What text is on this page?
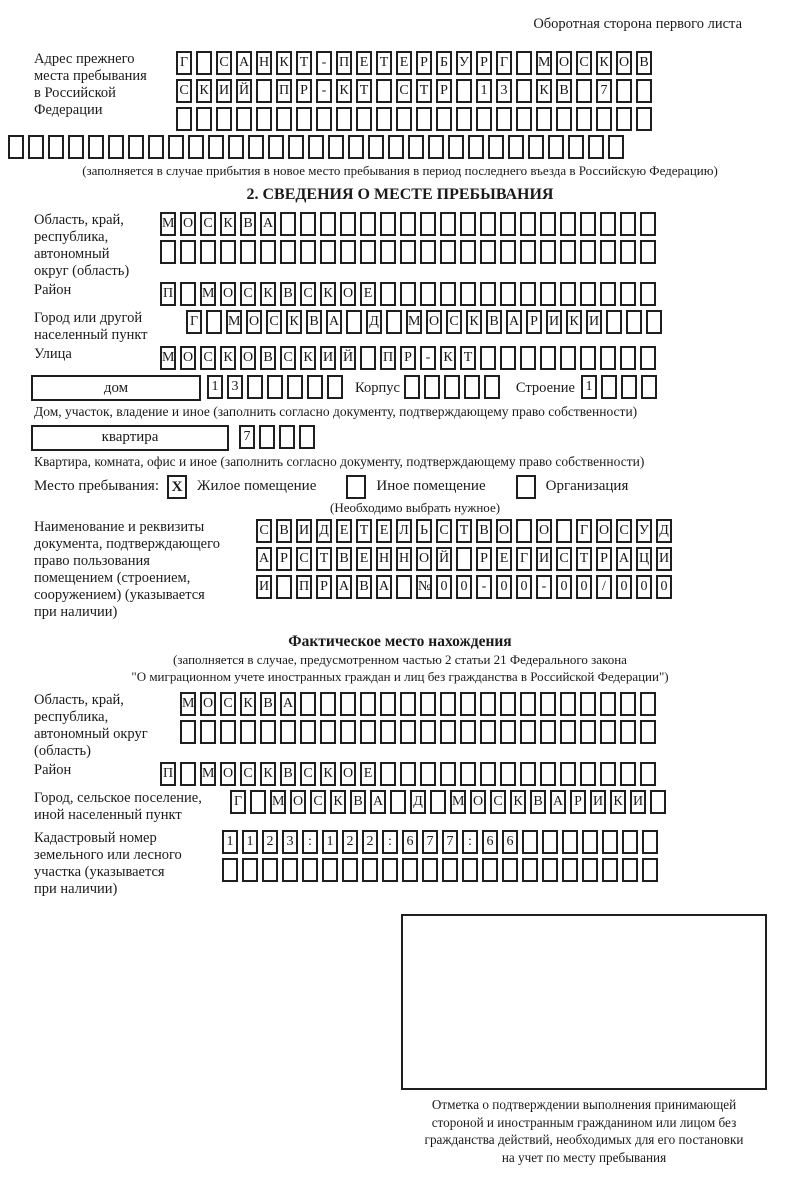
Оборотная сторона первого листа
Адрес прежнего
места пребывания
в Российской
Федерации
Г С А Н К Т - П Е Т Е Р Б У Р Г М О С К О В
С К И Й П Р - К Т С Т Р	1 3	К В	7
(заполняется в случае прибытия в новое место пребывания в период последнего въезда в Российскую Федерацию)
2. СВЕДЕНИЯ О МЕСТЕ ПРЕБЫВАНИЯ
Область, край,
республика,
автономный
округ (область)
М О С К В А
Район	П М О С К В С К О Е
Город или другой
населенный пункт
Г М О С К В А Д М О С К В А Р И К И
Улица	М О С К О В С К И Й П Р - К Т
дом	1 3	Корпус	Строение 1
Дом, участок, владение и иное (заполнить согласно документу, подтверждающему право собственности)
квартира	7
Квартира, комната, офис и иное (заполнить согласно документу, подтверждающему право собственности)
Место пребывания: X Жилое помещение	Иное помещение	Организация
(Необходимо выбрать нужное)
Наименование и реквизиты
документа, подтверждающего
право пользования
помещением (строением,
сооружением) (указывается
при наличии)
С В И Д Е Т Е Л Ь С Т В О О Г О С У Д
А Р С Т В Е Н Н О Й Р Е Г И С Т Р А Ц И
И П Р А В А № 0 0	-	0 0	-	0 0	/	0 0 0
Фактическое место нахождения
(заполняется в случае, предусмотренном частью 2 статьи 21 Федерального закона
"О миграционном учете иностранных граждан и лиц без гражданства в Российской Федерации")
Область, край,
республика,
автономный округ
(область)
М О С К В А
Район	П М О С К В С К О Е
Город, сельское поселение,
иной населенный пункт
Г М О С К В А Д М О С К В А Р И К И
Кадастровый номер
земельного или лесного
участка (указывается
при наличии)
1 1 2 3	:	1 2 2	:	6 7 7	:	6 6
Отметка о подтверждении выполнения принимающей
стороной и иностранным гражданином или лицом без
гражданства действий, необходимых для его постановки
на учет по месту пребывания
